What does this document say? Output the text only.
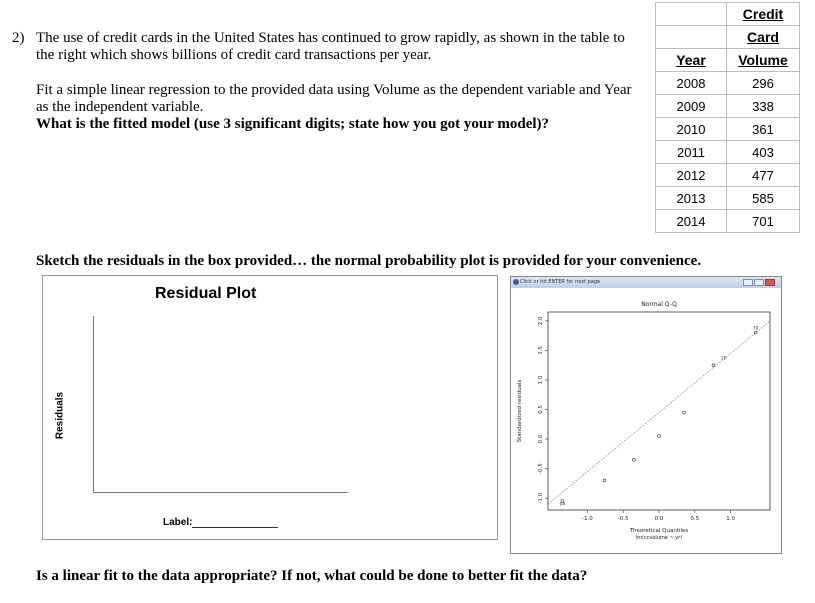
2) The use of credit cards in the United States has continued to grow rapidly, as shown in the table to the right which shows billions of credit card transactions per year.

Fit a simple linear regression to the provided data using Volume as the dependent variable and Year as the independent variable.

What is the fitted model (use 3 significant digits; state how you got your model)?

	Credit
	Card
Year	Volume
2008	296
2009	338
2010	361
2011	403
2012	477
2013	585
2014	701
Sketch the residuals in the box provided… the normal probability plot is provided for your convenience.
Residual Plot
Residuals
Label:
Click or hit ENTER for next page
Normal Q-Q
-1.0	-0.5	0.0	0.5	1.0
-1.0
-0.5
0.0
0.5
1.0
1.5
2.0
Theoretical Quantiles
lm(ccvolume ~ yr)
Standardized residuals
04
70
10
Is a linear fit to the data appropriate? If not, what could be done to better fit the data?
